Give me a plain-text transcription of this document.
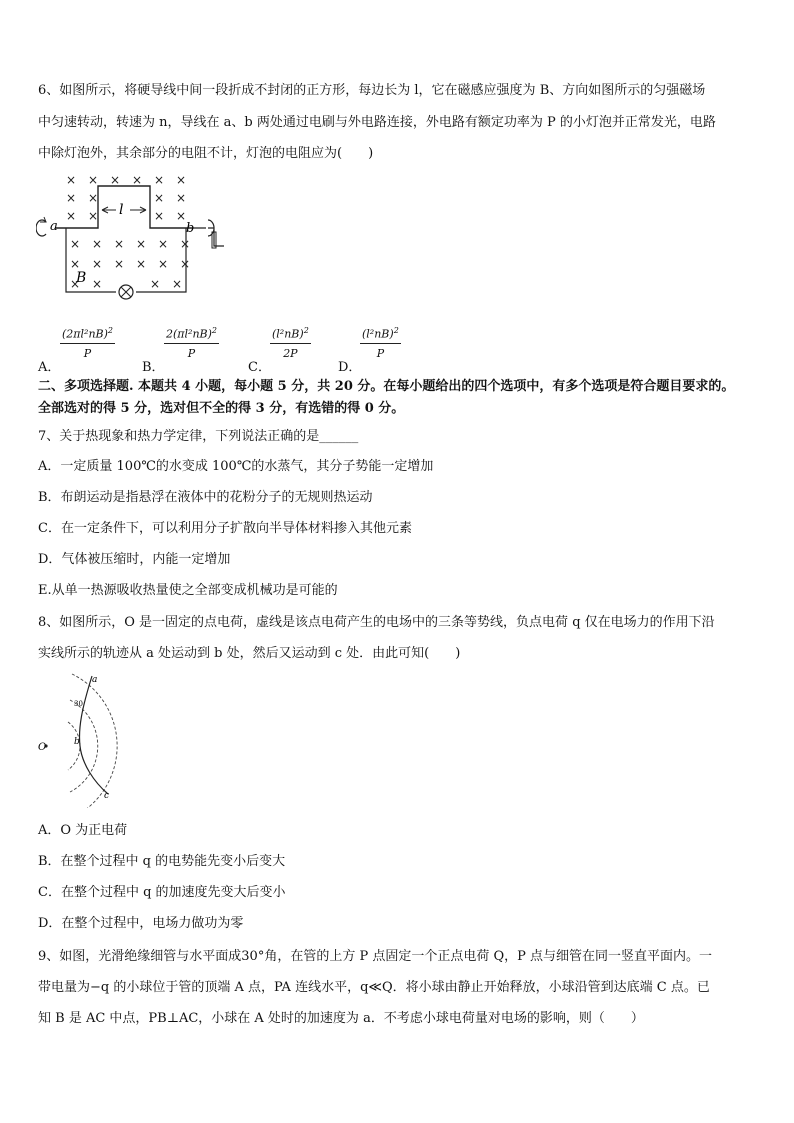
6、如图所示，将硬导线中间一段折成不封闭的正方形，每边长为 l，它在磁感应强度为 B、方向如图所示的匀强磁场
中匀速转动，转速为 n，导线在 a、b 两处通过电刷与外电路连接，外电路有额定功率为 P 的小灯泡并正常发光，电路
中除灯泡外，其余部分的电阻不计，灯泡的电阻应为(　　)
× × × × × ×
× ×	× ×
× ×	× ×
× × × × × ×
× × × × × ×
× ×	× ×
l
a	b
B
A．
$(2\pi l^2nB)^2$
P
B．
$2(\pi l^2nB)^2$
P
C．
$(l^2nB)^2$
2P
D．
$(l^2nB)^2$
P
二、多项选择题. 本题共 4 小题，每小题 5 分，共 20 分。在每小题给出的四个选项中，有多个选项是符合题目要求的。
全部选对的得 5 分，选对但不全的得 3 分，有选错的得 0 分。
7、关于热现象和热力学定律，下列说法正确的是______
A．一定质量 100℃的水变成 100℃的水蒸气，其分子势能一定增加
B．布朗运动是指悬浮在液体中的花粉分子的无规则热运动
C．在一定条件下，可以利用分子扩散向半导体材料掺入其他元素
D．气体被压缩时，内能一定增加
E.从单一热源吸收热量使之全部变成机械功是可能的
8、如图所示，O 是一固定的点电荷，虚线是该点电荷产生的电场中的三条等势线，负点电荷 q 仅在电场力的作用下沿
实线所示的轨迹从 a 处运动到 b 处，然后又运动到 c 处．由此可知(　　)
O
a
b
c
30
A．O 为正电荷
B．在整个过程中 q 的电势能先变小后变大
C．在整个过程中 q 的加速度先变大后变小
D．在整个过程中，电场力做功为零
9、如图，光滑绝缘细管与水平面成30°角，在管的上方 P 点固定一个正点电荷 Q，P 点与细管在同一竖直平面内。一
带电量为−q 的小球位于管的顶端 A 点，PA 连线水平，q≪Q．将小球由静止开始释放，小球沿管到达底端 C 点。已
知 B 是 AC 中点，PB⊥AC，小球在 A 处时的加速度为 a．不考虑小球电荷量对电场的影响，则（　　）
